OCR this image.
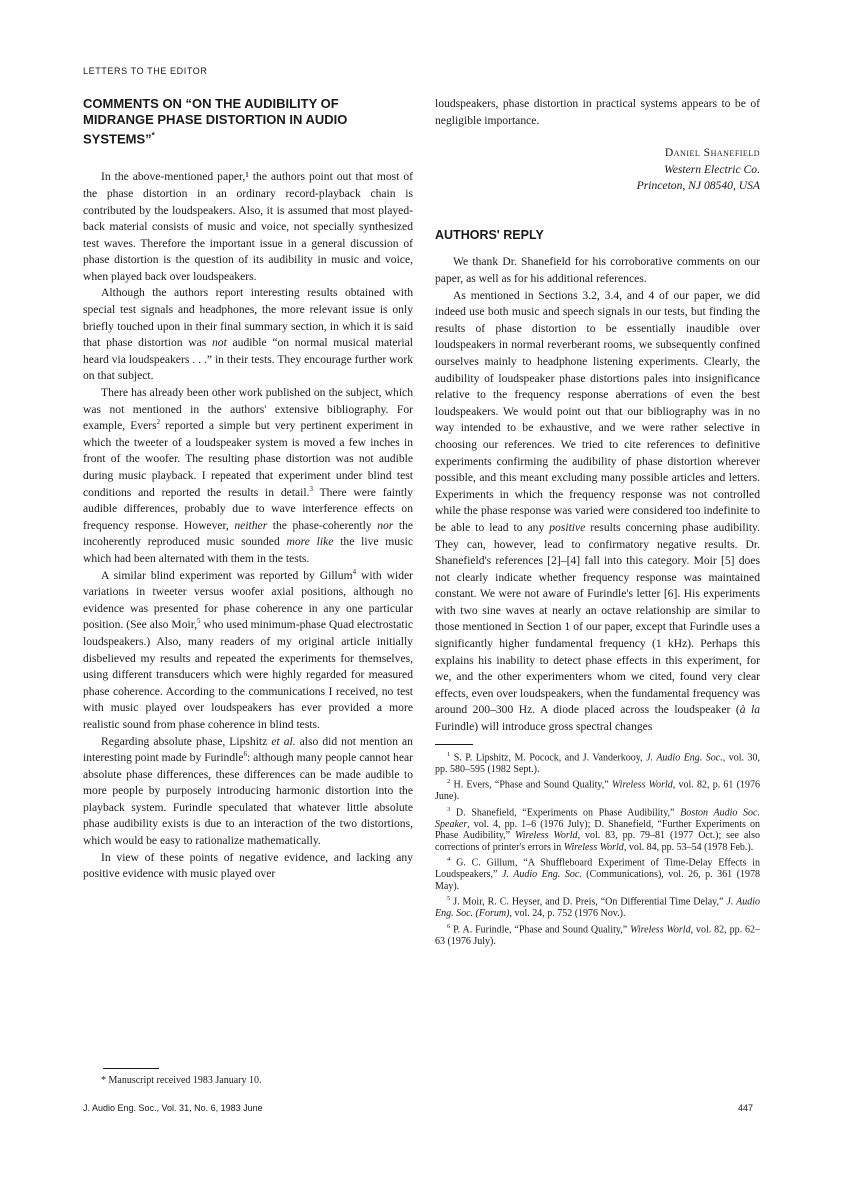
LETTERS TO THE EDITOR
COMMENTS ON “ON THE AUDIBILITY OF MIDRANGE PHASE DISTORTION IN AUDIO SYSTEMS”*

In the above-mentioned paper,¹ the authors point out that most of the phase distortion in an ordinary record-playback chain is contributed by the loudspeakers. Also, it is assumed that most played-back material consists of music and voice, not specially synthesized test waves. Therefore the important issue in a general discussion of phase distortion is the question of its audibility in music and voice, when played back over loudspeakers.

Although the authors report interesting results obtained with special test signals and headphones, the more relevant issue is only briefly touched upon in their final summary section, in which it is said that phase distortion was not audible “on normal musical material heard via loudspeakers . . .” in their tests. They encourage further work on that subject.

There has already been other work published on the subject, which was not mentioned in the authors' extensive bibliography. For example, Evers$^2$ reported a simple but very pertinent experiment in which the tweeter of a loudspeaker system is moved a few inches in front of the woofer. The resulting phase distortion was not audible during music playback. I repeated that experiment under blind test conditions and reported the results in detail.$^3$ There were faintly audible differences, probably due to wave interference effects on frequency response. However, neither the phase-coherently nor the incoherently reproduced music sounded more like the live music which had been alternated with them in the tests.

A similar blind experiment was reported by Gillum$^4$ with wider variations in tweeter versus woofer axial positions, although no evidence was presented for phase coherence in any one particular position. (See also Moir,$^5$ who used minimum-phase Quad electrostatic loudspeakers.) Also, many readers of my original article initially disbelieved my results and repeated the experiments for themselves, using different transducers which were highly regarded for measured phase coherence. According to the communications I received, no test with music played over loudspeakers has ever provided a more realistic sound from phase coherence in blind tests.

Regarding absolute phase, Lipshitz et al. also did not mention an interesting point made by Furindle$^6$: although many people cannot hear absolute phase differences, these differences can be made audible to more people by purposely introducing harmonic distortion into the playback system. Furindle speculated that whatever little absolute phase audibility exists is due to an interaction of the two distortions, which would be easy to rationalize mathematically.

In view of these points of negative evidence, and lacking any positive evidence with music played over

* Manuscript received 1983 January 10.

loudspeakers, phase distortion in practical systems appears to be of negligible importance.

Daniel Shanefield
Western Electric Co.
Princeton, NJ 08540, USA
AUTHORS' REPLY

We thank Dr. Shanefield for his corroborative comments on our paper, as well as for his additional references.

As mentioned in Sections 3.2, 3.4, and 4 of our paper, we did indeed use both music and speech signals in our tests, but finding the results of phase distortion to be essentially inaudible over loudspeakers in normal reverberant rooms, we subsequently confined ourselves mainly to headphone listening experiments. Clearly, the audibility of loudspeaker phase distortions pales into insignificance relative to the frequency response aberrations of even the best loudspeakers. We would point out that our bibliography was in no way intended to be exhaustive, and we were rather selective in choosing our references. We tried to cite references to definitive experiments confirming the audibility of phase distortion wherever possible, and this meant excluding many possible articles and letters. Experiments in which the frequency response was not controlled while the phase response was varied were considered too indefinite to be able to lead to any positive results concerning phase audibility. They can, however, lead to confirmatory negative results. Dr. Shanefield's references [2]–[4] fall into this category. Moir [5] does not clearly indicate whether frequency response was maintained constant. We were not aware of Furindle's letter [6]. His experiments with two sine waves at nearly an octave relationship are similar to those mentioned in Section 1 of our paper, except that Furindle uses a significantly higher fundamental frequency (1 kHz). Perhaps this explains his inability to detect phase effects in this experiment, for we, and the other experimenters whom we cited, found very clear effects, even over loudspeakers, when the fundamental frequency was around 200–300 Hz. A diode placed across the loudspeaker (à la Furindle) will introduce gross spectral changes

$^1$ S. P. Lipshitz, M. Pocock, and J. Vanderkooy, J. Audio Eng. Soc., vol. 30, pp. 580–595 (1982 Sept.).
$^2$ H. Evers, “Phase and Sound Quality,” Wireless World, vol. 82, p. 61 (1976 June).
$^3$ D. Shanefield, “Experiments on Phase Audibility,” Boston Audio Soc. Speaker, vol. 4, pp. 1–6 (1976 July); D. Shanefield, “Further Experiments on Phase Audibility,” Wireless World, vol. 83, pp. 79–81 (1977 Oct.); see also corrections of printer's errors in Wireless World, vol. 84, pp. 53–54 (1978 Feb.).
$^4$ G. C. Gillum, “A Shuffleboard Experiment of Time-Delay Effects in Loudspeakers,” J. Audio Eng. Soc. (Communications), vol. 26, p. 361 (1978 May).
$^5$ J. Moir, R. C. Heyser, and D. Preis, “On Differential Time Delay,” J. Audio Eng. Soc. (Forum), vol. 24, p. 752 (1976 Nov.).
$^6$ P. A. Furindle, “Phase and Sound Quality,” Wireless World, vol. 82, pp. 62–63 (1976 July).
J. Audio Eng. Soc., Vol. 31, No. 6, 1983 June	447
